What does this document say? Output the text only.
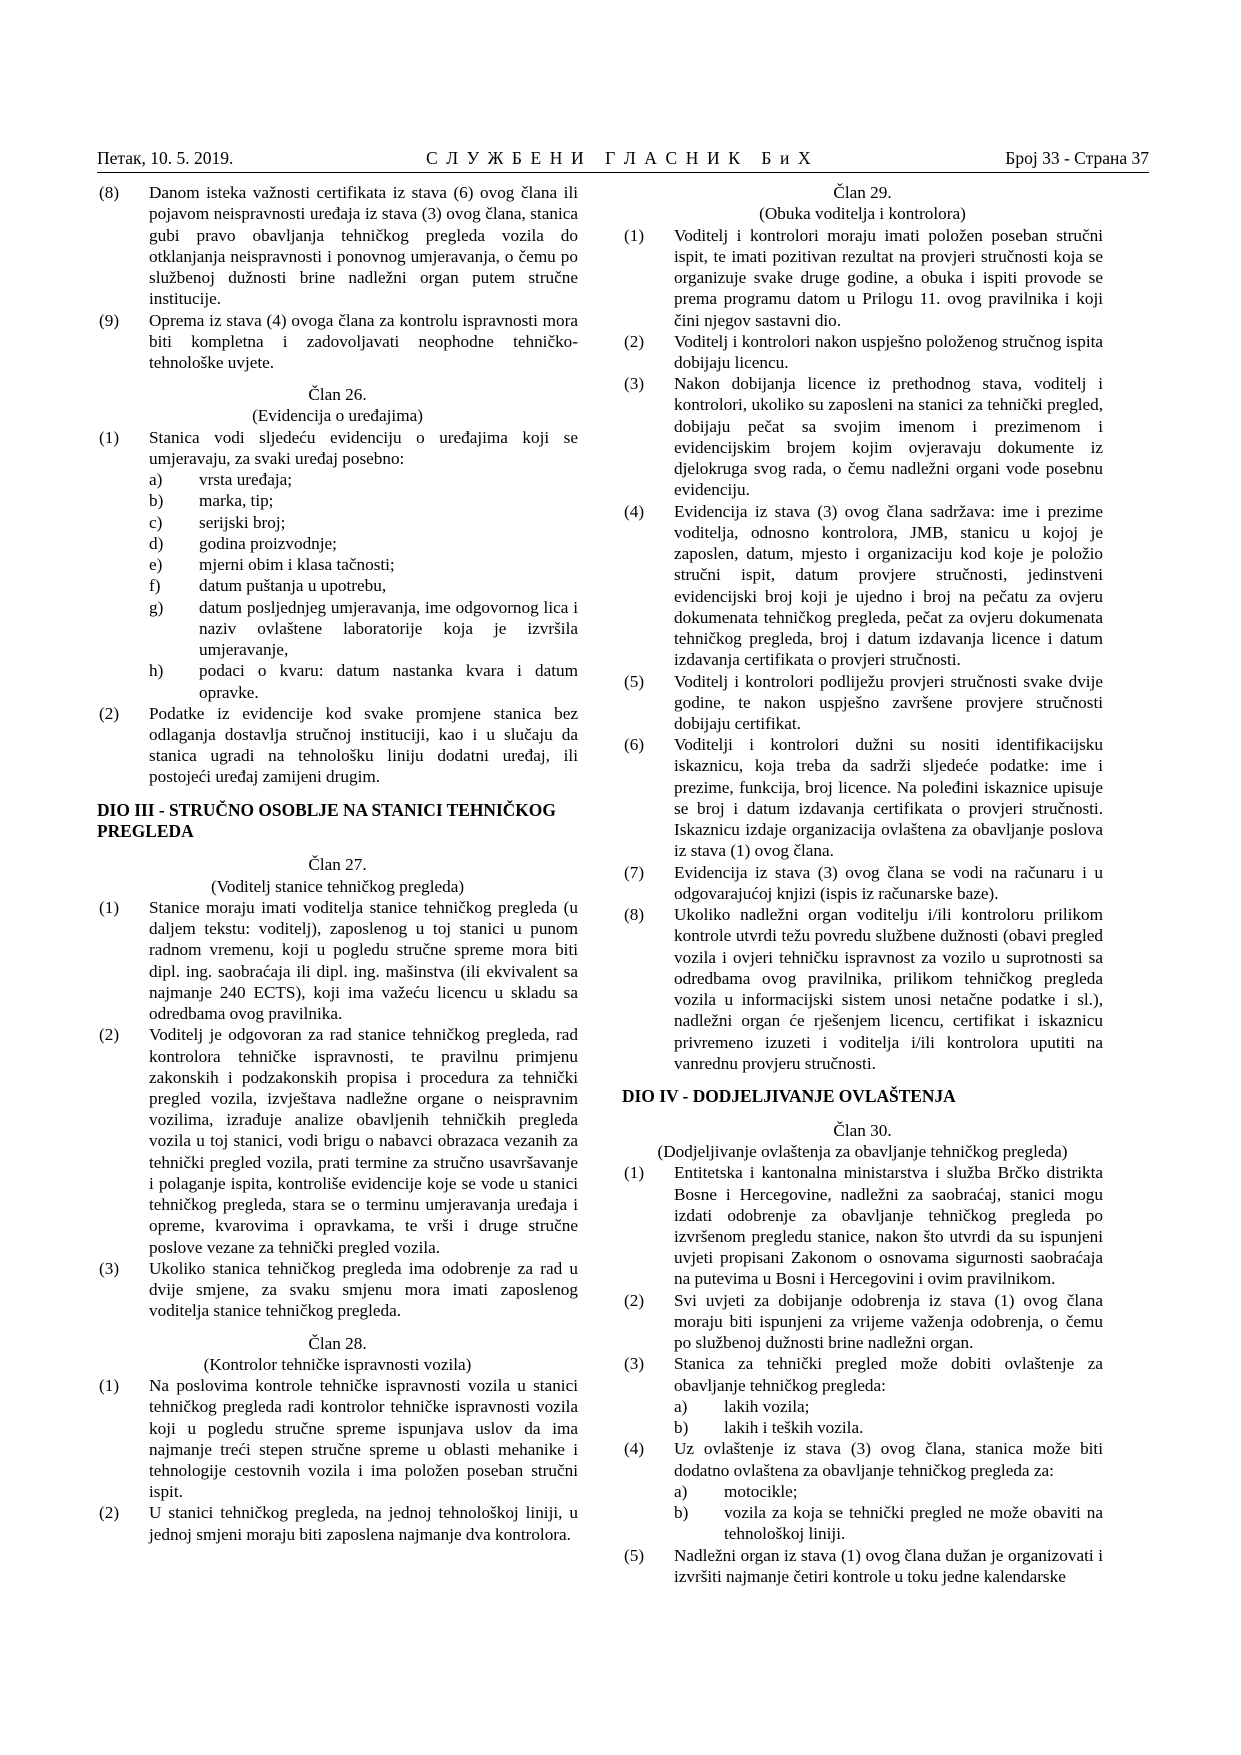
Петак, 10. 5. 2019.	С Л У Ж Б Е Н И   Г Л А С Н И К   Б и Х	Број 33 - Страна 37
(8)	Danom isteka važnosti certifikata iz stava (6) ovog člana ili pojavom neispravnosti uređaja iz stava (3) ovog člana, stanica gubi pravo obavljanja tehničkog pregleda vozila do otklanjanja neispravnosti i ponovnog umjeravanja, o čemu po službenoj dužnosti brine nadležni organ putem stručne institucije.
(9)	Oprema iz stava (4) ovoga člana za kontrolu ispravnosti mora biti kompletna i zadovoljavati neophodne tehničko-tehnološke uvjete.
Član 26.
(Evidencija o uređajima)
(1)	Stanica vodi sljedeću evidenciju o uređajima koji se umjeravaju, za svaki uređaj posebno:
a)	vrsta uređaja;
b)	marka, tip;
c)	serijski broj;
d)	godina proizvodnje;
e)	mjerni obim i klasa tačnosti;
f)	datum puštanja u upotrebu,
g)	datum posljednjeg umjeravanja, ime odgovornog lica i naziv ovlaštene laboratorije koja je izvršila umjeravanje,
h)	podaci o kvaru: datum nastanka kvara i datum opravke.
(2)	Podatke iz evidencije kod svake promjene stanica bez odlaganja dostavlja stručnoj instituciji, kao i u slučaju da stanica ugradi na tehnološku liniju dodatni uređaj, ili postojeći uređaj zamijeni drugim.
DIO III - STRUČNO OSOBLJE NA STANICI TEHNIČKOG PREGLEDA
Član 27.
(Voditelj stanice tehničkog pregleda)
(1)	Stanice moraju imati voditelja stanice tehničkog pregleda (u daljem tekstu: voditelj), zaposlenog u toj stanici u punom radnom vremenu, koji u pogledu stručne spreme mora biti dipl. ing. saobraćaja ili dipl. ing. mašinstva (ili ekvivalent sa najmanje 240 ECTS), koji ima važeću licencu u skladu sa odredbama ovog pravilnika.
(2)	Voditelj je odgovoran za rad stanice tehničkog pregleda, rad kontrolora tehničke ispravnosti, te pravilnu primjenu zakonskih i podzakonskih propisa i procedura za tehnički pregled vozila, izvještava nadležne organe o neispravnim vozilima, izrađuje analize obavljenih tehničkih pregleda vozila u toj stanici, vodi brigu o nabavci obrazaca vezanih za tehnički pregled vozila, prati termine za stručno usavršavanje i polaganje ispita, kontroliše evidencije koje se vode u stanici tehničkog pregleda, stara se o terminu umjeravanja uređaja i opreme, kvarovima i opravkama, te vrši i druge stručne poslove vezane za tehnički pregled vozila.
(3)	Ukoliko stanica tehničkog pregleda ima odobrenje za rad u dvije smjene, za svaku smjenu mora imati zaposlenog voditelja stanice tehničkog pregleda.
Član 28.
(Kontrolor tehničke ispravnosti vozila)
(1)	Na poslovima kontrole tehničke ispravnosti vozila u stanici tehničkog pregleda radi kontrolor tehničke ispravnosti vozila koji u pogledu stručne spreme ispunjava uslov da ima najmanje treći stepen stručne spreme u oblasti mehanike i tehnologije cestovnih vozila i ima položen poseban stručni ispit.
(2)	U stanici tehničkog pregleda, na jednoj tehnološkoj liniji, u jednoj smjeni moraju biti zaposlena najmanje dva kontrolora.
Član 29.
(Obuka voditelja i kontrolora)
(1)	Voditelj i kontrolori moraju imati položen poseban stručni ispit, te imati pozitivan rezultat na provjeri stručnosti koja se organizuje svake druge godine, a obuka i ispiti provode se prema programu datom u Prilogu 11. ovog pravilnika i koji čini njegov sastavni dio.
(2)	Voditelj i kontrolori nakon uspješno položenog stručnog ispita dobijaju licencu.
(3)	Nakon dobijanja licence iz prethodnog stava, voditelj i kontrolori, ukoliko su zaposleni na stanici za tehnički pregled, dobijaju pečat sa svojim imenom i prezimenom i evidencijskim brojem kojim ovjeravaju dokumente iz djelokruga svog rada, o čemu nadležni organi vode posebnu evidenciju.
(4)	Evidencija iz stava (3) ovog člana sadržava: ime i prezime voditelja, odnosno kontrolora, JMB, stanicu u kojoj je zaposlen, datum, mjesto i organizaciju kod koje je položio stručni ispit, datum provjere stručnosti, jedinstveni evidencijski broj koji je ujedno i broj na pečatu za ovjeru dokumenata tehničkog pregleda, pečat za ovjeru dokumenata tehničkog pregleda, broj i datum izdavanja licence i datum izdavanja certifikata o provjeri stručnosti.
(5)	Voditelj i kontrolori podliježu provjeri stručnosti svake dvije godine, te nakon uspješno završene provjere stručnosti dobijaju certifikat.
(6)	Voditelji i kontrolori dužni su nositi identifikacijsku iskaznicu, koja treba da sadrži sljedeće podatke: ime i prezime, funkcija, broj licence. Na poleđini iskaznice upisuje se broj i datum izdavanja certifikata o provjeri stručnosti. Iskaznicu izdaje organizacija ovlaštena za obavljanje poslova iz stava (1) ovog člana.
(7)	Evidencija iz stava (3) ovog člana se vodi na računaru i u odgovarajućoj knjizi (ispis iz računarske baze).
(8)	Ukoliko nadležni organ voditelju i/ili kontroloru prilikom kontrole utvrdi težu povredu službene dužnosti (obavi pregled vozila i ovjeri tehničku ispravnost za vozilo u suprotnosti sa odredbama ovog pravilnika, prilikom tehničkog pregleda vozila u informacijski sistem unosi netačne podatke i sl.), nadležni organ će rješenjem licencu, certifikat i iskaznicu privremeno izuzeti i voditelja i/ili kontrolora uputiti na vanrednu provjeru stručnosti.
DIO IV - DODJELJIVANJE OVLAŠTENJA
Član 30.
(Dodjeljivanje ovlaštenja za obavljanje tehničkog pregleda)
(1)	Entitetska i kantonalna ministarstva i služba Brčko distrikta Bosne i Hercegovine, nadležni za saobraćaj, stanici mogu izdati odobrenje za obavljanje tehničkog pregleda po izvršenom pregledu stanice, nakon što utvrdi da su ispunjeni uvjeti propisani Zakonom o osnovama sigurnosti saobraćaja na putevima u Bosni i Hercegovini i ovim pravilnikom.
(2)	Svi uvjeti za dobijanje odobrenja iz stava (1) ovog člana moraju biti ispunjeni za vrijeme važenja odobrenja, o čemu po službenoj dužnosti brine nadležni organ.
(3)	Stanica za tehnički pregled može dobiti ovlaštenje za obavljanje tehničkog pregleda:
a)	lakih vozila;
b)	lakih i teških vozila.
(4)	Uz ovlaštenje iz stava (3) ovog člana, stanica može biti dodatno ovlaštena za obavljanje tehničkog pregleda za:
a)	motocikle;
b)	vozila za koja se tehnički pregled ne može obaviti na tehnološkoj liniji.
(5)	Nadležni organ iz stava (1) ovog člana dužan je organizovati i izvršiti najmanje četiri kontrole u toku jedne kalendarske
